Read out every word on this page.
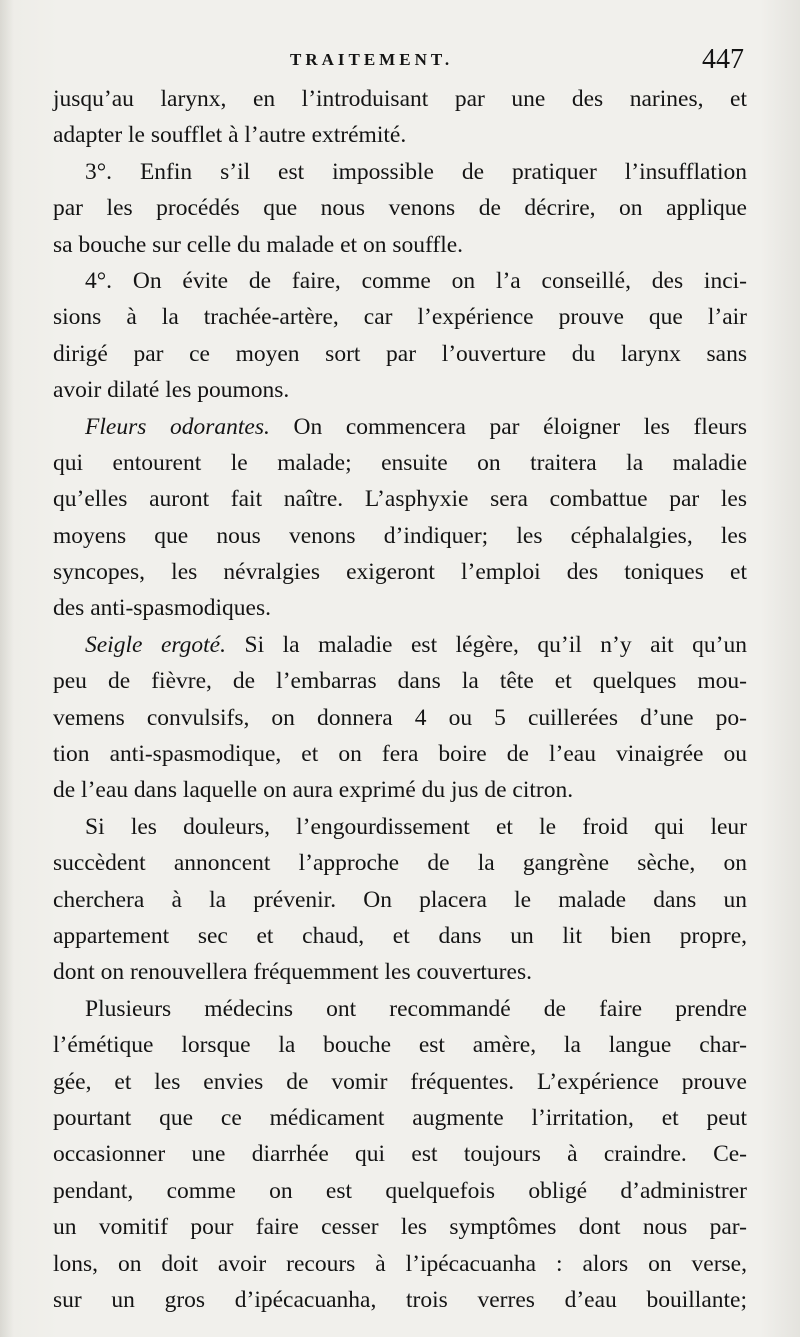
TRAITEMENT.	447
jusqu’au larynx, en l’introduisant par une des narines, et
adapter le soufflet à l’autre extrémité.
3°. Enfin s’il est impossible de pratiquer l’insufflation
par les procédés que nous venons de décrire, on applique
sa bouche sur celle du malade et on souffle.
4°. On évite de faire, comme on l’a conseillé, des inci-
sions à la trachée-artère, car l’expérience prouve que l’air
dirigé par ce moyen sort par l’ouverture du larynx sans
avoir dilaté les poumons.
Fleurs odorantes. On commencera par éloigner les fleurs
qui entourent le malade; ensuite on traitera la maladie
qu’elles auront fait naître. L’asphyxie sera combattue par les
moyens que nous venons d’indiquer; les céphalalgies, les
syncopes, les névralgies exigeront l’emploi des toniques et
des anti-spasmodiques.
Seigle ergoté. Si la maladie est légère, qu’il n’y ait qu’un
peu de fièvre, de l’embarras dans la tête et quelques mou-
vemens convulsifs, on donnera 4 ou 5 cuillerées d’une po-
tion anti-spasmodique, et on fera boire de l’eau vinaigrée ou
de l’eau dans laquelle on aura exprimé du jus de citron.
Si les douleurs, l’engourdissement et le froid qui leur
succèdent annoncent l’approche de la gangrène sèche, on
cherchera à la prévenir. On placera le malade dans un
appartement sec et chaud, et dans un lit bien propre,
dont on renouvellera fréquemment les couvertures.
Plusieurs médecins ont recommandé de faire prendre
l’émétique lorsque la bouche est amère, la langue char-
gée, et les envies de vomir fréquentes. L’expérience prouve
pourtant que ce médicament augmente l’irritation, et peut
occasionner une diarrhée qui est toujours à craindre. Ce-
pendant, comme on est quelquefois obligé d’administrer
un vomitif pour faire cesser les symptômes dont nous par-
lons, on doit avoir recours à l’ipécacuanha : alors on verse,
sur un gros d’ipécacuanha, trois verres d’eau bouillante;
